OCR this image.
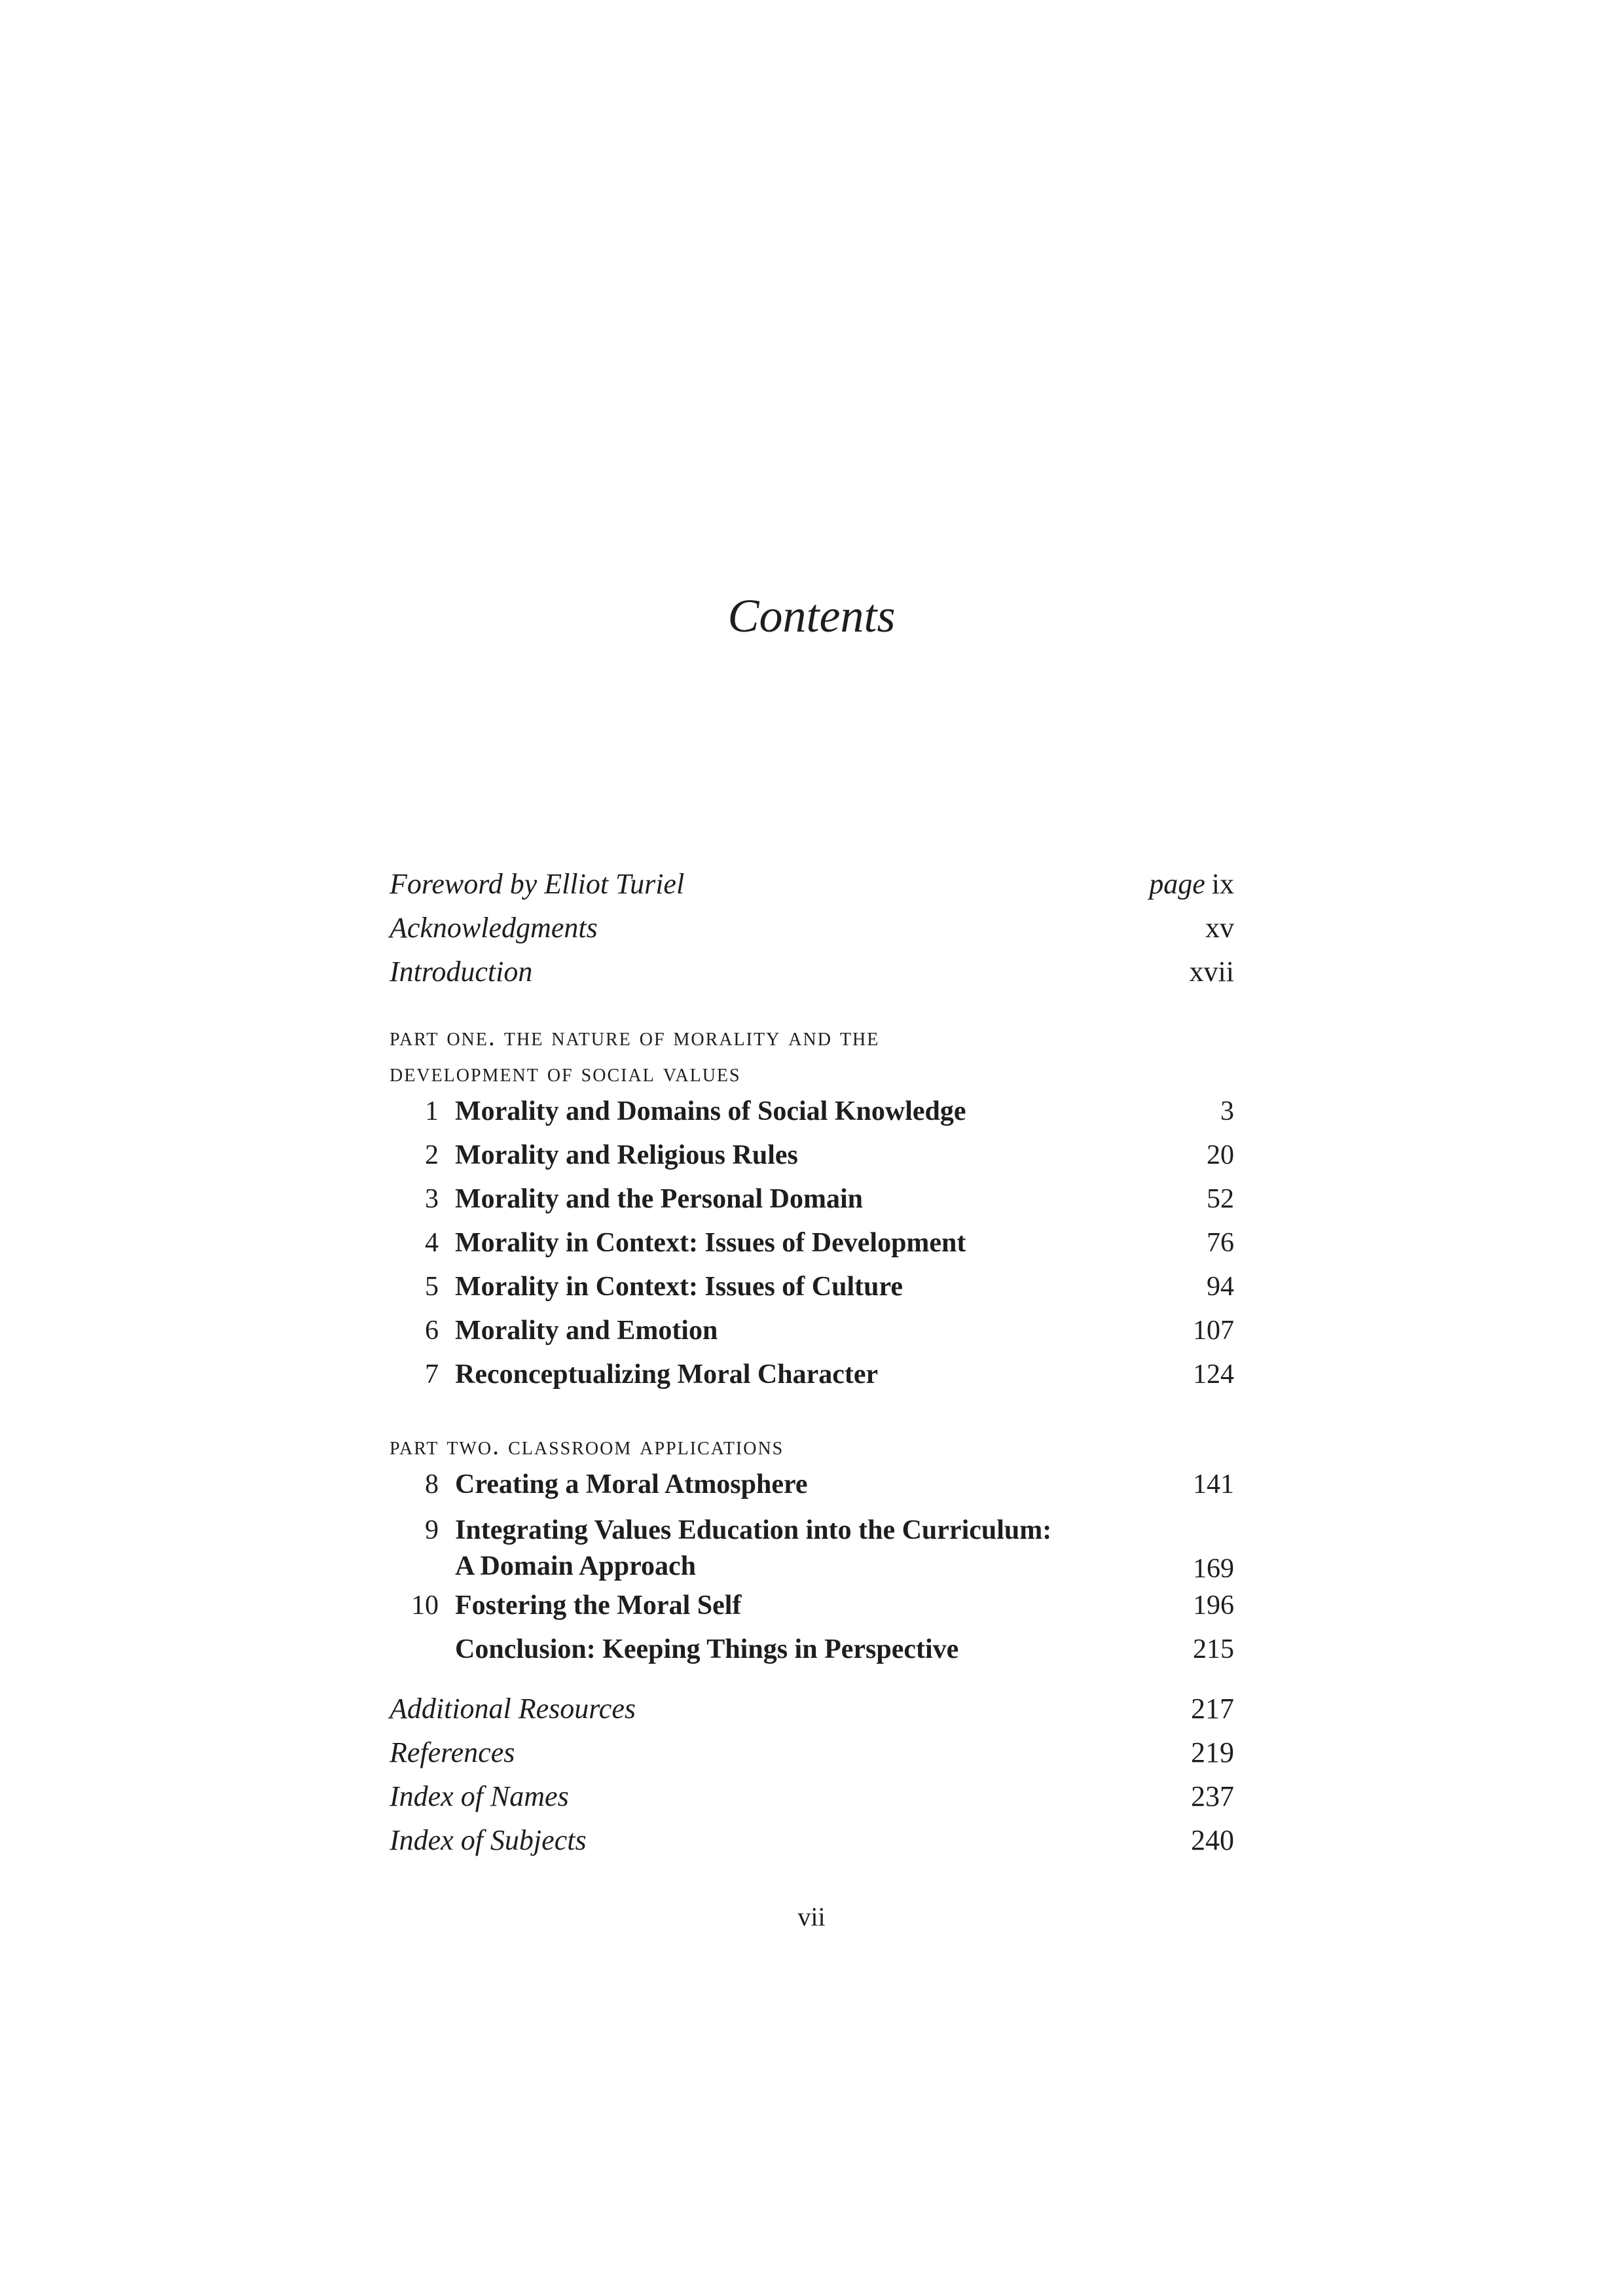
Contents
Foreword by Elliot Turiel	page ix
Acknowledgments	xv
Introduction	xvii
part one. the nature of morality and the
development of social values
1 Morality and Domains of Social Knowledge	3
2 Morality and Religious Rules	20
3 Morality and the Personal Domain	52
4 Morality in Context: Issues of Development	76
5 Morality in Context: Issues of Culture	94
6 Morality and Emotion	107
7 Reconceptualizing Moral Character	124
part two. classroom applications
8 Creating a Moral Atmosphere	141
9 Integrating Values Education into the Curriculum:
A Domain Approach	169
10 Fostering the Moral Self	196
Conclusion: Keeping Things in Perspective	215
Additional Resources	217
References	219
Index of Names	237
Index of Subjects	240
vii
